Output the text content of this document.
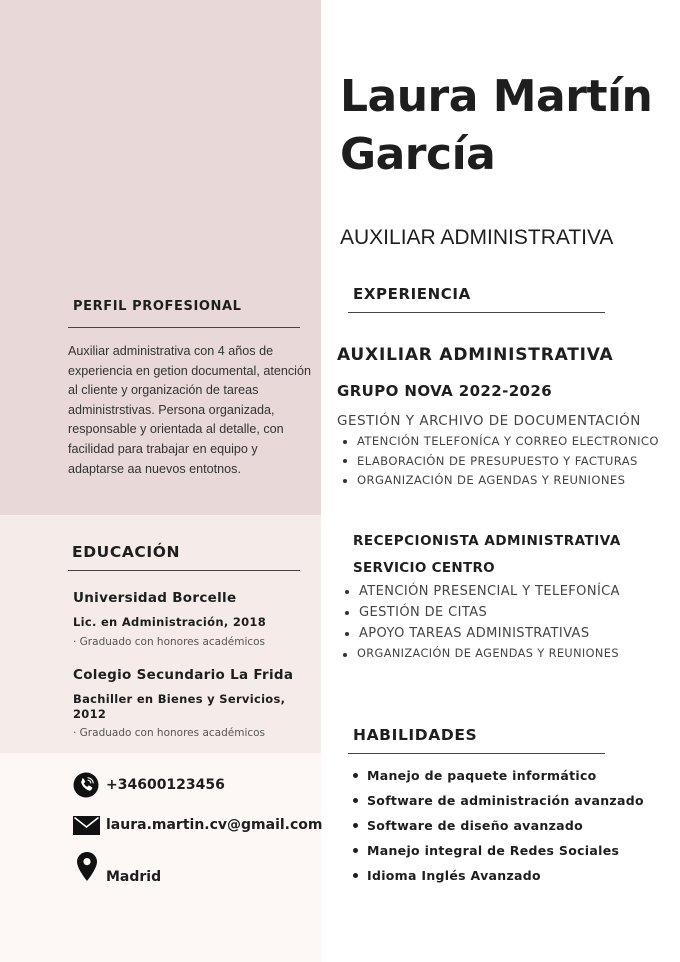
Laura Martín
García
AUXILIAR ADMINISTRATIVA
PERFIL PROFESIONAL
Auxiliar administrativa con 4 años de experiencia en getion documental, atención al cliente y organización de tareas administrstivas. Persona organizada, responsable y orientada al detalle, con facilidad para trabajar en equipo y adaptarse aa nuevos entotnos.
EDUCACIÓN
Universidad Borcelle
Lic. en Administración, 2018
· Graduado con honores académicos
Colegio Secundario La Frida
Bachiller en Bienes y Servicios, 2012
· Graduado con honores académicos
+34600123456
laura.martin.cv@gmail.com
Madrid
EXPERIENCIA
AUXILIAR ADMINISTRATIVA
GRUPO NOVA 2022-2026
GESTIÓN Y ARCHIVO DE DOCUMENTACIÓN
ATENCIÓN TELEFONÍCA Y CORREO ELECTRONICO
ELABORACIÓN DE PRESUPUESTO Y FACTURAS
ORGANIZACIÓN DE AGENDAS Y REUNIONES
RECEPCIONISTA ADMINISTRATIVA
SERVICIO CENTRO
ATENCIÓN PRESENCIAL Y TELEFONÍCA
GESTIÓN DE CITAS
APOYO TAREAS ADMINISTRATIVAS
ORGANIZACIÓN DE AGENDAS Y REUNIONES
HABILIDADES
Manejo de paquete informático
Software de administración avanzado
Software de diseño avanzado
Manejo integral de Redes Sociales
Idioma Inglés Avanzado
